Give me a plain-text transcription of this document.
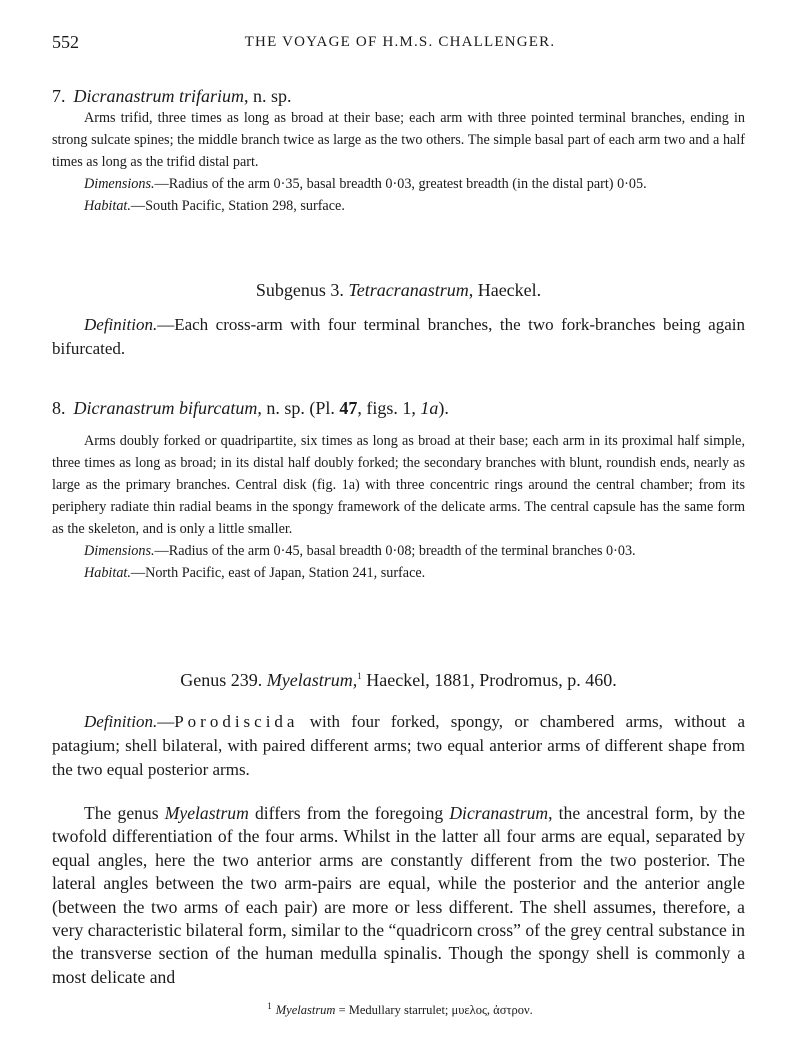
552	THE VOYAGE OF H.M.S. CHALLENGER.
7. Dicranastrum trifarium, n. sp.

Arms trifid, three times as long as broad at their base; each arm with three pointed terminal branches, ending in strong sulcate spines; the middle branch twice as large as the two others. The simple basal part of each arm two and a half times as long as the trifid distal part.

Dimensions.—Radius of the arm 0·35, basal breadth 0·03, greatest breadth (in the distal part) 0·05.

Habitat.—South Pacific, Station 298, surface.

Subgenus 3. Tetracranastrum, Haeckel.

Definition.—Each cross-arm with four terminal branches, the two fork-branches being again bifurcated.

8. Dicranastrum bifurcatum, n. sp. (Pl. 47, figs. 1, 1a).

Arms doubly forked or quadripartite, six times as long as broad at their base; each arm in its proximal half simple, three times as long as broad; in its distal half doubly forked; the secondary branches with blunt, roundish ends, nearly as large as the primary branches. Central disk (fig. 1a) with three concentric rings around the central chamber; from its periphery radiate thin radial beams in the spongy framework of the delicate arms. The central capsule has the same form as the skeleton, and is only a little smaller.

Dimensions.—Radius of the arm 0·45, basal breadth 0·08; breadth of the terminal branches 0·03.

Habitat.—North Pacific, east of Japan, Station 241, surface.

Genus 239. Myelastrum,$^1$ Haeckel, 1881, Prodromus, p. 460.

Definition.—Porodiscida with four forked, spongy, or chambered arms, without a patagium; shell bilateral, with paired different arms; two equal anterior arms of different shape from the two equal posterior arms.

The genus Myelastrum differs from the foregoing Dicranastrum, the ancestral form, by the twofold differentiation of the four arms. Whilst in the latter all four arms are equal, separated by equal angles, here the two anterior arms are constantly different from the two posterior. The lateral angles between the two arm-pairs are equal, while the posterior and the anterior angle (between the two arms of each pair) are more or less different. The shell assumes, therefore, a very characteristic bilateral form, similar to the “quadricorn cross” of the grey central substance in the transverse section of the human medulla spinalis. Though the spongy shell is commonly a most delicate and

$^1$ Myelastrum = Medullary starrulet; μυελος, ἀστρον.
